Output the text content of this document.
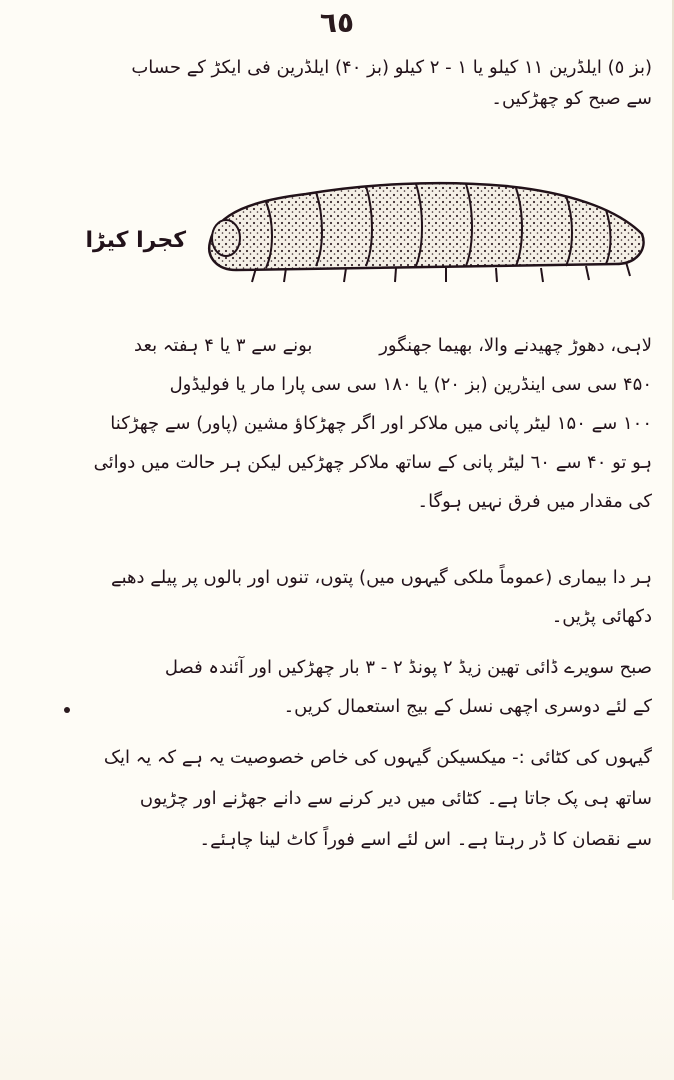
٦٥
(بز ٥) ایلڈرین ۱۱ کیلو یا ۱ - ۲ کیلو (بز ۴۰) ایلڈرین فی ایکڑ کے حساب
سے صبح کو چھڑکیں۔
کجرا کیڑا
لاہی، دھوڑ چھیدنے والا، بھیما جھنگور
بونے سے ۳ یا ۴ ہفتہ بعد
۴۵۰ سی سی اینڈرین (بز ۲۰) یا ۱۸۰ سی سی پارا مار یا فولیڈول
۱۰۰ سے ۱۵۰ لیٹر پانی میں ملاکر اور اگر چھڑکاؤ مشین (پاور) سے چھڑکنا
ہو تو ۴۰ سے ٦۰ لیٹر پانی کے ساتھ ملاکر چھڑکیں لیکن ہر حالت میں دوائی
کی مقدار میں فرق نہیں ہوگا۔
ہر دا بیماری (عموماً ملکی گیہوں میں) پتوں، تنوں اور بالوں پر پیلے دھبے
دکھائی پڑیں۔
صبح سویرے ڈائی تھین زیڈ ۲ پونڈ ۲ - ۳ بار چھڑکیں اور آئندہ فصل
کے لئے دوسری اچھی نسل کے بیج استعمال کریں۔
گیہوں کی کٹائی :- میکسیکن گیہوں کی خاص خصوصیت یہ ہے کہ یہ ایک
ساتھ ہی پک جاتا ہے۔ کٹائی میں دیر کرنے سے دانے جھڑنے اور چڑیوں
سے نقصان کا ڈر رہتا ہے۔ اس لئے اسے فوراً کاٹ لینا چاہئے۔
